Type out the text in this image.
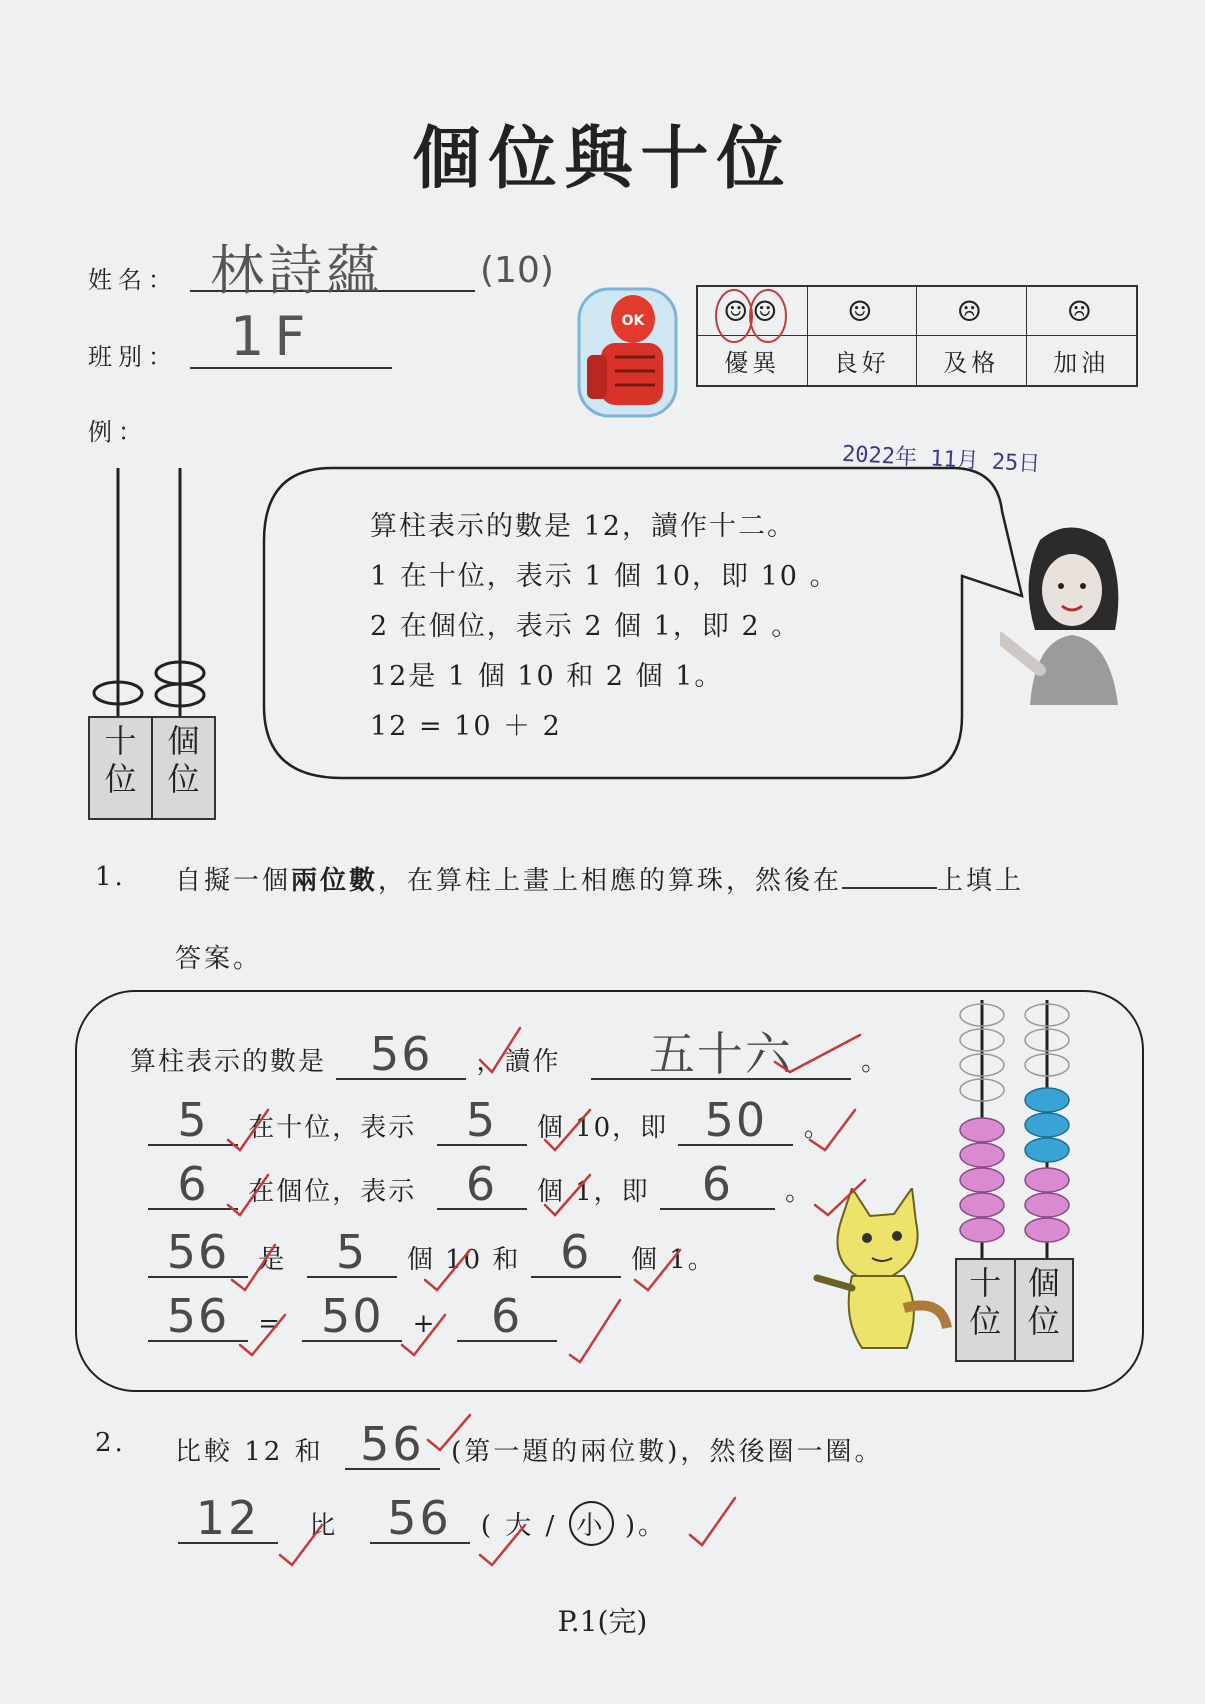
個位與十位
姓名： 林詩蘊	(10)
班別： 1F
例：
OK	☺☺ ☺	☹	☹
優異	良好	及格	加油
2022年 11月 25日
十
位
個
位
算柱表示的數是 12，讀作十二。
1 在十位，表示 1 個 10，即 10 。
2 在個位，表示 2 個 1，即 2 。
12是 1 個 10 和 2 個 1。
12 = 10 ＋ 2
1. 自擬一個兩位數，在算柱上畫上相應的算珠，然後在	上填上
答案。
算柱表示的數是 56 ，讀作 五十六	。
5 在十位，表示 5 個 10，即 50 。
6 在個位，表示 6 個 1，即 6 。
56 是 5 個 10 和 6 個 1。
56 = 50 + 6
十
位
個
位
2. 比較 12 和 56 (第一題的兩位數)，然後圈一圈。
12 比 56 ( 大 / 小 )。
P.1(完)
